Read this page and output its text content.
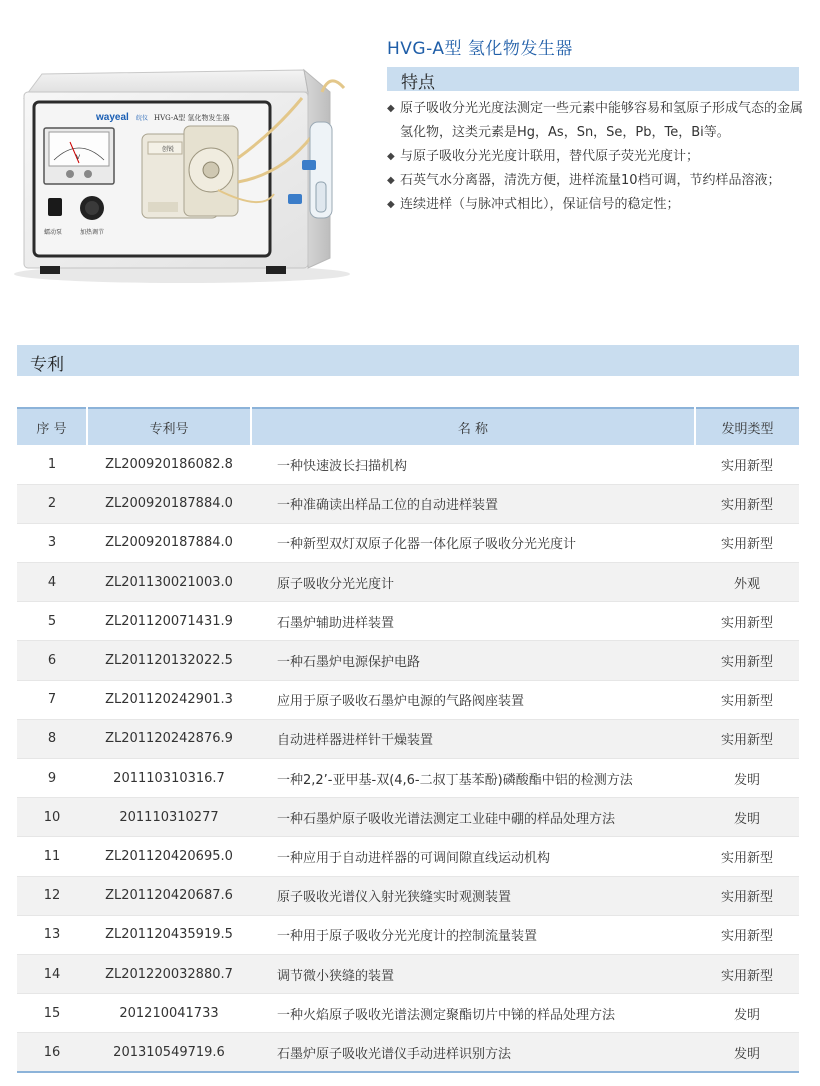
wayeal 皖仪 HVG-A型 氢化物发生器
V
蠕动泵	加热调节
创锐
HVG-A型 氢化物发生器
特点
◆ 原子吸收分光光度法测定一些元素中能够容易和氢原子形成气态的金属氢化物，这类元素是Hg，As，Sn，Se，Pb，Te，Bi等。
◆ 与原子吸收分光光度计联用，替代原子荧光光度计；
◆ 石英气水分离器，清洗方便，进样流量10档可调，节约样品溶液；
◆ 连续进样（与脉冲式相比），保证信号的稳定性；
专利
序 号	专利号	名 称	发明类型
1	ZL200920186082.8	一种快速波长扫描机构	实用新型
2	ZL200920187884.0	一种准确读出样品工位的自动进样装置	实用新型
3	ZL200920187884.0	一种新型双灯双原子化器一体化原子吸收分光光度计	实用新型
4	ZL201130021003.0	原子吸收分光光度计	外观
5	ZL201120071431.9	石墨炉辅助进样装置	实用新型
6	ZL201120132022.5	一种石墨炉电源保护电路	实用新型
7	ZL201120242901.3	应用于原子吸收石墨炉电源的气路阀座装置	实用新型
8	ZL201120242876.9	自动进样器进样针干燥装置	实用新型
9	201110310316.7	一种2,2’-亚甲基-双(4,6-二叔丁基苯酚)磷酸酯中铝的检测方法	发明
10	201110310277	一种石墨炉原子吸收光谱法测定工业硅中硼的样品处理方法	发明
11	ZL201120420695.0	一种应用于自动进样器的可调间隙直线运动机构	实用新型
12	ZL201120420687.6	原子吸收光谱仪入射光狭缝实时观测装置	实用新型
13	ZL201120435919.5	一种用于原子吸收分光光度计的控制流量装置	实用新型
14	ZL201220032880.7	调节微小狭缝的装置	实用新型
15	201210041733	一种火焰原子吸收光谱法测定聚酯切片中锑的样品处理方法	发明
16	201310549719.6	石墨炉原子吸收光谱仪手动进样识别方法	发明
